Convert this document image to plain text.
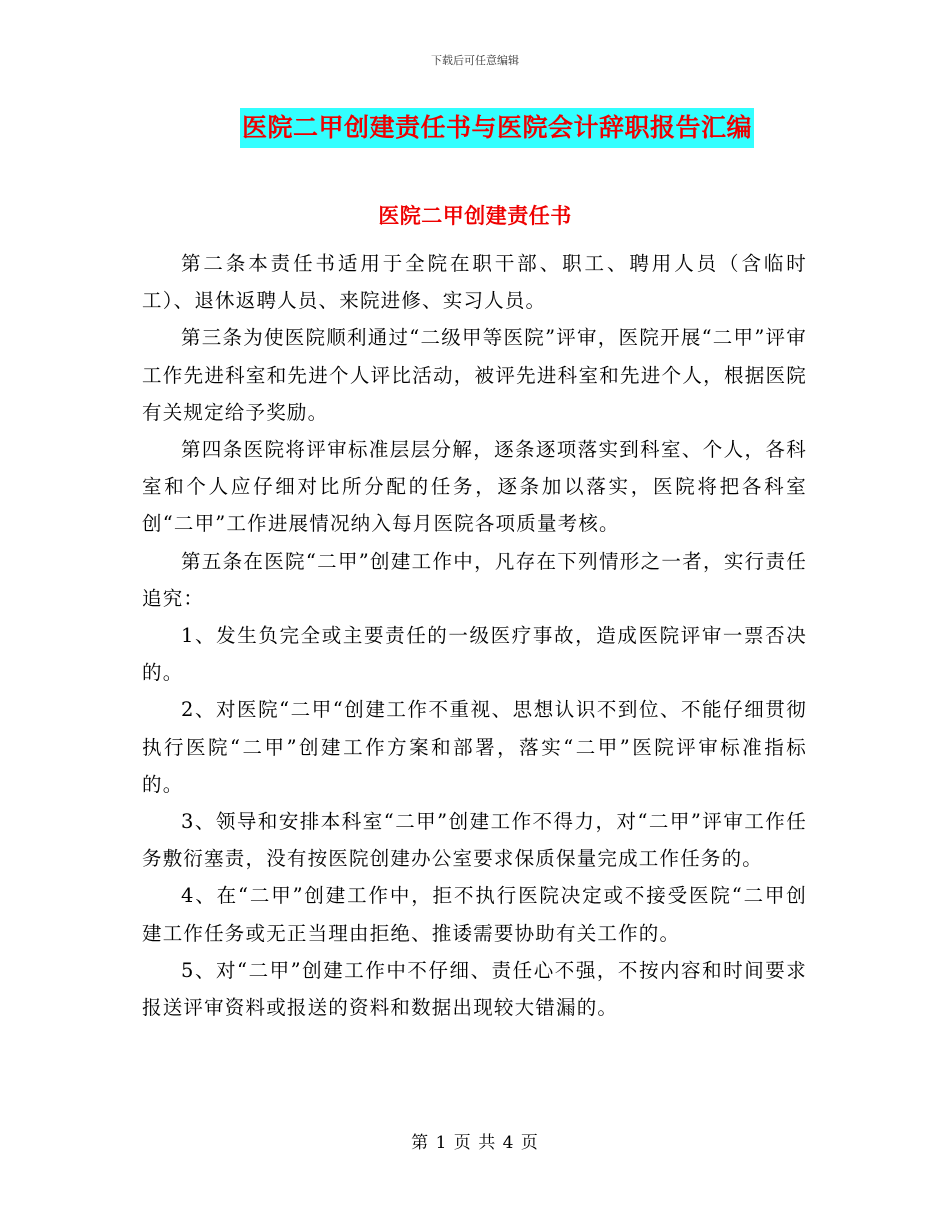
下载后可任意编辑
医院二甲创建责任书与医院会计辞职报告汇编
医院二甲创建责任书

第二条本责任书适用于全院在职干部、职工、聘用人员（含临时工）、退休返聘人员、来院进修、实习人员。

第三条为使医院顺利通过“二级甲等医院”评审，医院开展“二甲”评审工作先进科室和先进个人评比活动，被评先进科室和先进个人，根据医院有关规定给予奖励。

第四条医院将评审标准层层分解，逐条逐项落实到科室、个人，各科室和个人应仔细对比所分配的任务，逐条加以落实，医院将把各科室创“二甲”工作进展情况纳入每月医院各项质量考核。

第五条在医院“二甲”创建工作中，凡存在下列情形之一者，实行责任追究：

1、发生负完全或主要责任的一级医疗事故，造成医院评审一票否决的。

2、对医院“二甲“创建工作不重视、思想认识不到位、不能仔细贯彻执行医院“二甲”创建工作方案和部署，落实“二甲”医院评审标准指标的。

3、领导和安排本科室“二甲”创建工作不得力，对“二甲”评审工作任务敷衍塞责，没有按医院创建办公室要求保质保量完成工作任务的。

4、在“二甲”创建工作中，拒不执行医院决定或不接受医院“二甲创建工作任务或无正当理由拒绝、推诿需要协助有关工作的。

5、对“二甲”创建工作中不仔细、责任心不强，不按内容和时间要求报送评审资料或报送的资料和数据出现较大错漏的。

第 1 页 共 4 页
